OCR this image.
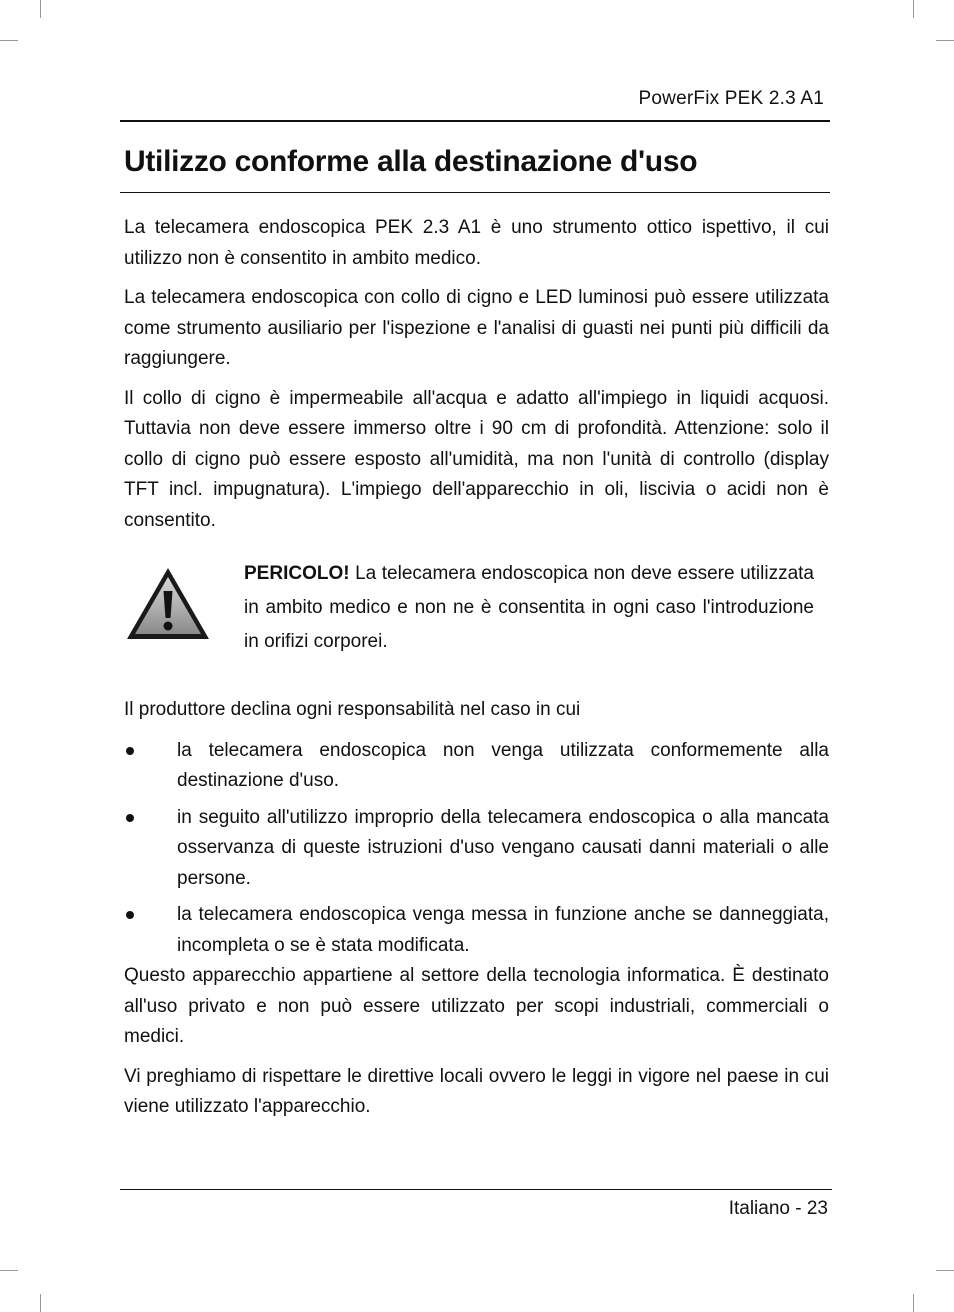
PowerFix PEK 2.3 A1
Utilizzo conforme alla destinazione d'uso

La telecamera endoscopica PEK 2.3 A1 è uno strumento ottico ispettivo, il cui utilizzo non è consentito in ambito medico.

La telecamera endoscopica con collo di cigno e LED luminosi può essere utilizzata come strumento ausiliario per l'ispezione e l'analisi di guasti nei punti più difficili da raggiungere.

Il collo di cigno è impermeabile all'acqua e adatto all'impiego in liquidi acquosi. Tuttavia non deve essere immerso oltre i 90 cm di profondità. Attenzione: solo il collo di cigno può essere esposto all'umidità, ma non l'unità di controllo (display TFT incl. impugnatura). L'impiego dell'apparecchio in oli, liscivia o acidi non è consentito.

PERICOLO! La telecamera endoscopica non deve essere utilizzata in ambito medico e non ne è consentita in ogni caso l'introduzione in orifizi corporei.

Il produttore declina ogni responsabilità nel caso in cui

la telecamera endoscopica non venga utilizzata conformemente alla destinazione d'uso.
in seguito all'utilizzo improprio della telecamera endoscopica o alla mancata osservanza di queste istruzioni d'uso vengano causati danni materiali o alle persone.
la telecamera endoscopica venga messa in funzione anche se danneggiata, incompleta o se è stata modificata.

Questo apparecchio appartiene al settore della tecnologia informatica. È destinato all'uso privato e non può essere utilizzato per scopi industriali, commerciali o medici.

Vi preghiamo di rispettare le direttive locali ovvero le leggi in vigore nel paese in cui viene utilizzato l'apparecchio.

Italiano - 23
